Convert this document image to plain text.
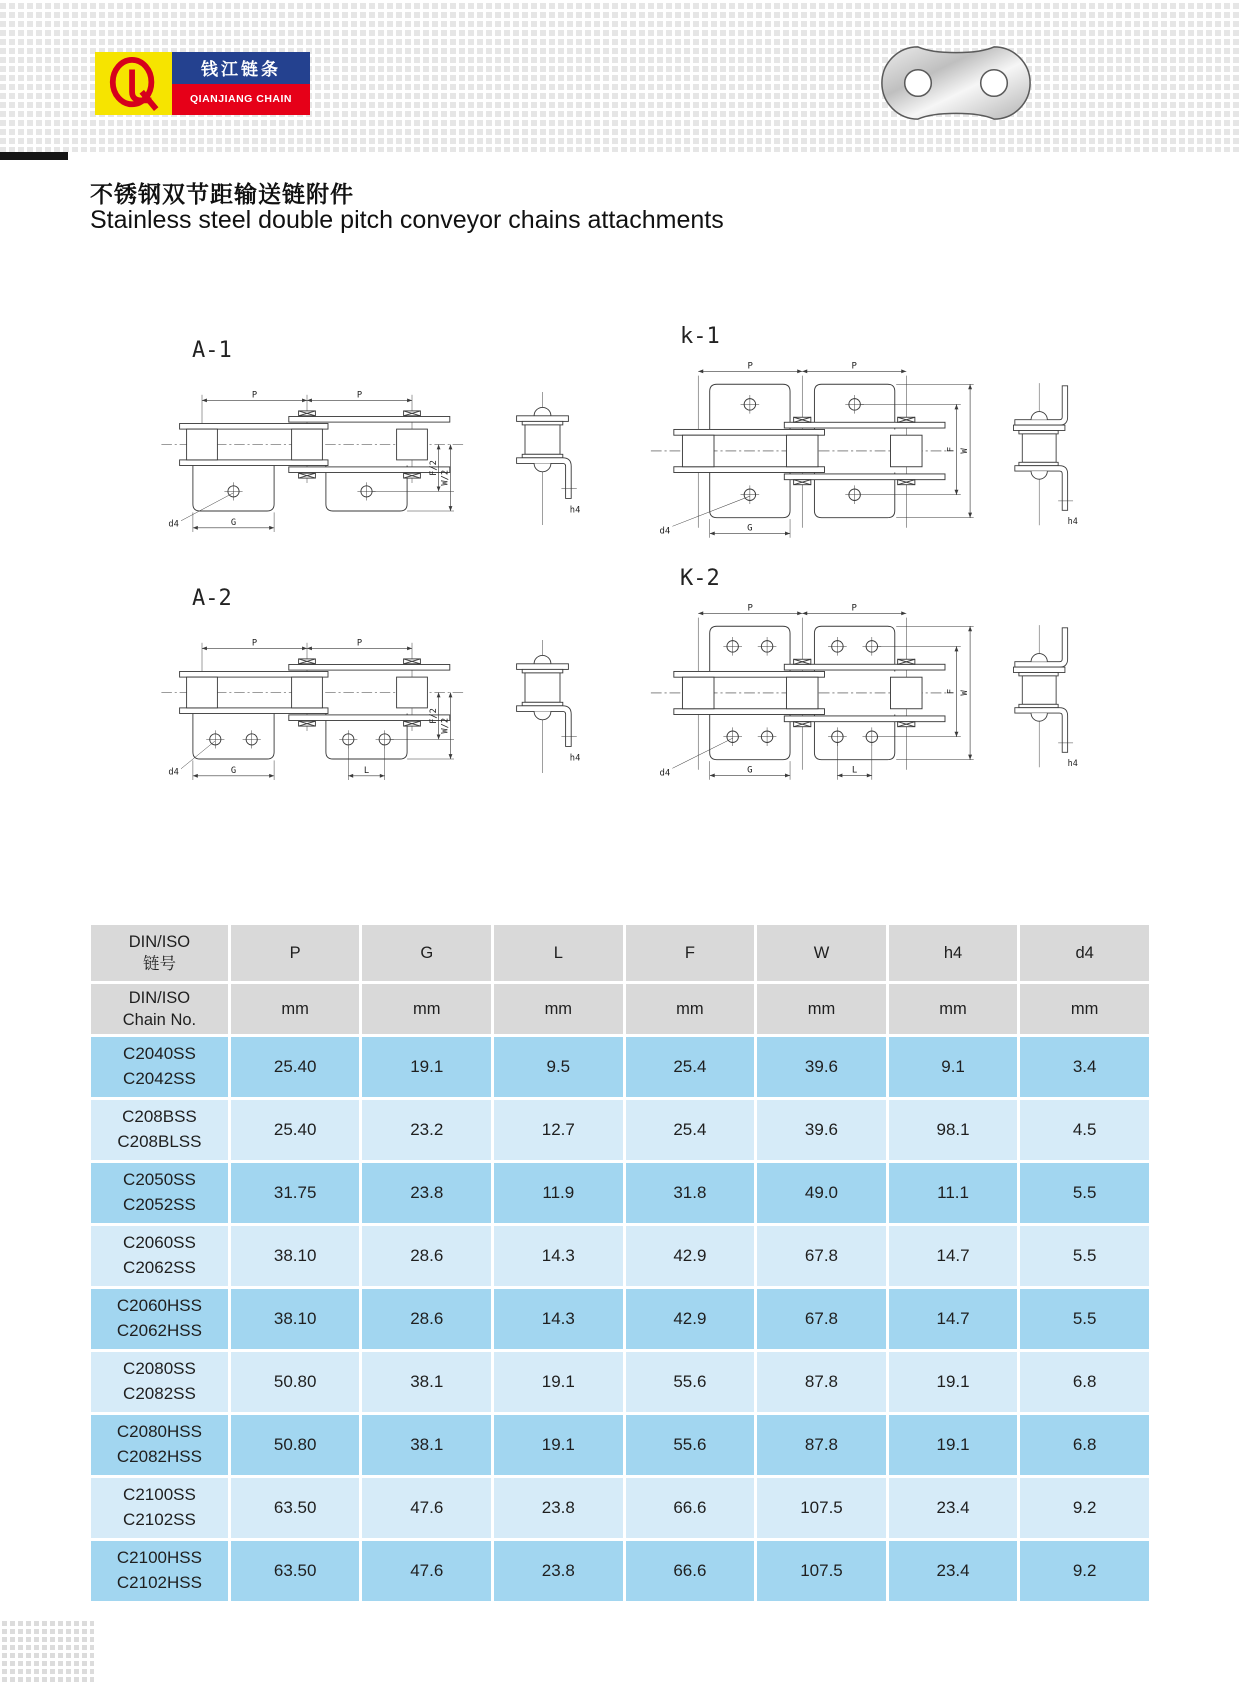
钱江链条
QIANJIANG CHAIN
不锈钢双节距输送链附件
Stainless steel double pitch conveyor chains attachments
A-1
P	P
F/2
W/2
G
d4
h4
k-1
P	P
F W
G
d4
h4
A-2
P	P
F/2
W/2
G	L
d4
h4
K-2
P	P
F W
G	L
d4
h4
DIN/ISO
链号	P	G	L	F	W	h4	d4
DIN/ISO
Chain No.	mm	mm	mm	mm	mm	mm	mm
C2040SS
C2042SS	25.40	19.1	9.5	25.4	39.6	9.1	3.4
C208BSS
C208BLSS	25.40	23.2	12.7	25.4	39.6	98.1	4.5
C2050SS
C2052SS	31.75	23.8	11.9	31.8	49.0	11.1	5.5
C2060SS
C2062SS	38.10	28.6	14.3	42.9	67.8	14.7	5.5
C2060HSS
C2062HSS	38.10	28.6	14.3	42.9	67.8	14.7	5.5
C2080SS
C2082SS	50.80	38.1	19.1	55.6	87.8	19.1	6.8
C2080HSS
C2082HSS	50.80	38.1	19.1	55.6	87.8	19.1	6.8
C2100SS
C2102SS	63.50	47.6	23.8	66.6	107.5	23.4	9.2
C2100HSS
C2102HSS	63.50	47.6	23.8	66.6	107.5	23.4	9.2
